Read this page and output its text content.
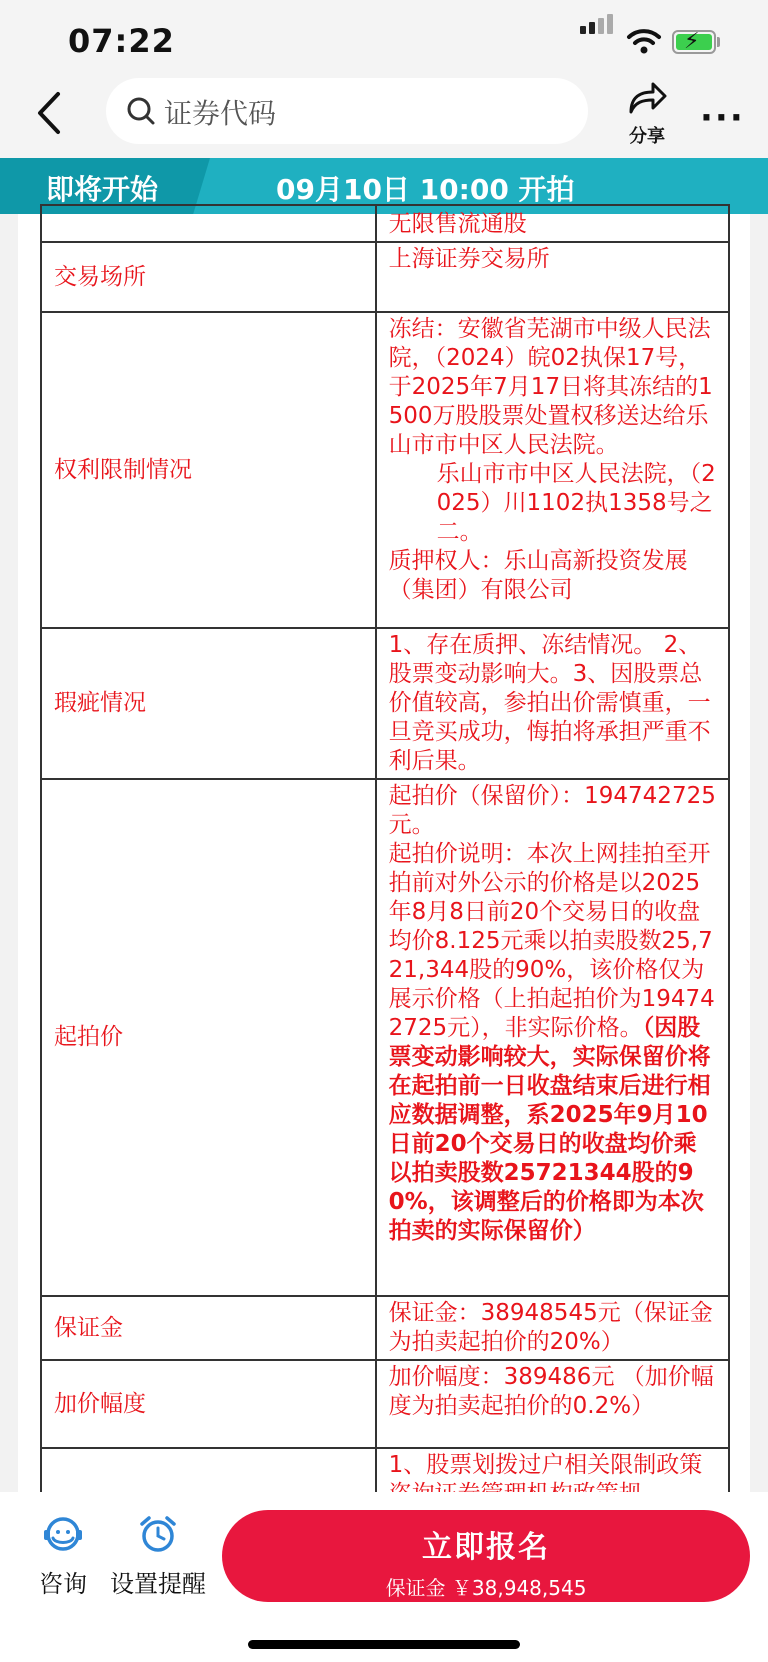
07:22	⚡
证券代码
分享 ···
即将开始	09月10日 10:00 开拍
	无限售流通股
交易场所	上海证券交易所
权利限制情况	冻结：安徽省芜湖市中级人民法院，（2024）皖02执保17号，于2025年7月17日将其冻结的1500万股股票处置权移送达给乐山市市中区人民法院。
乐山市市中区人民法院，（2025）川1102执1358号之二。
质押权人：乐山高新投资发展（集团）有限公司

瑕疵情况	1、存在质押、冻结情况。 2、股票变动影响大。3、因股票总价值较高，参拍出价需慎重，一旦竞买成功，悔拍将承担严重不利后果。
起拍价	起拍价（保留价）：194742725元。
起拍价说明：本次上网挂拍至开拍前对外公示的价格是以2025年8月8日前20个交易日的收盘均价8.125元乘以拍卖股数25,721,344股的90%，该价格仅为展示价格（上拍起拍价为194742725元），非实际价格。（因股票变动影响较大，实际保留价将在起拍前一日收盘结束后进行相应数据调整，系2025年9月10日前20个交易日的收盘均价乘以拍卖股数25721344股的90%，该调整后的价格即为本次拍卖的实际保留价）

保证金	保证金：38948545元（保证金为拍卖起拍价的20%）
加价幅度	加价幅度：389486元 （加价幅度为拍卖起拍价的0.2%）
	1、股票划拨过户相关限制政策
咨询 设置提醒
立即报名
保证金 ￥38,948,545
